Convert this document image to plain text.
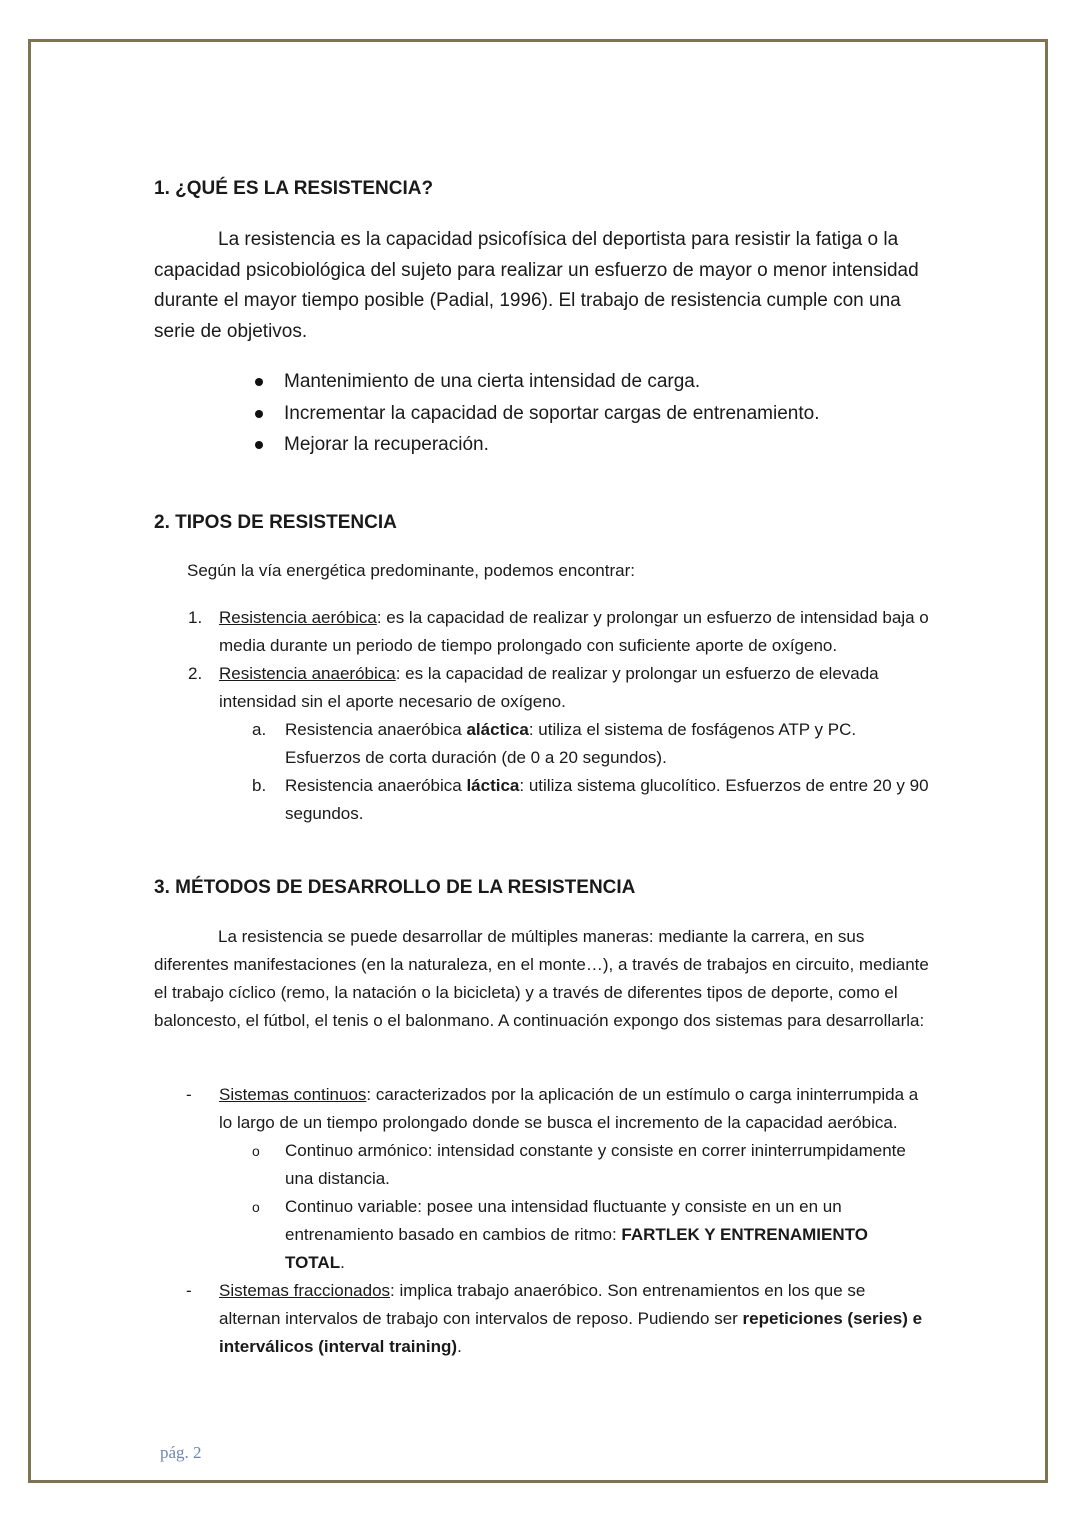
1. ¿QUÉ ES LA RESISTENCIA?

La resistencia es la capacidad psicofísica del deportista para resistir la fatiga o la capacidad psicobiológica del sujeto para realizar un esfuerzo de mayor o menor intensidad durante el mayor tiempo posible (Padial, 1996). El trabajo de resistencia cumple con una serie de objetivos.

Mantenimiento de una cierta intensidad de carga.
Incrementar la capacidad de soportar cargas de entrenamiento.
Mejorar la recuperación.
2. TIPOS DE RESISTENCIA
Según la vía energética predominante, podemos encontrar:
1. Resistencia aeróbica: es la capacidad de realizar y prolongar un esfuerzo de intensidad baja o media durante un periodo de tiempo prolongado con suficiente aporte de oxígeno.
2. Resistencia anaeróbica: es la capacidad de realizar y prolongar un esfuerzo de elevada intensidad sin el aporte necesario de oxígeno.
a. Resistencia anaeróbica aláctica: utiliza el sistema de fosfágenos ATP y PC. Esfuerzos de corta duración (de 0 a 20 segundos).
b. Resistencia anaeróbica láctica: utiliza sistema glucolítico. Esfuerzos de entre 20 y 90 segundos.
3. MÉTODOS DE DESARROLLO DE LA RESISTENCIA

La resistencia se puede desarrollar de múltiples maneras: mediante la carrera, en sus diferentes manifestaciones (en la naturaleza, en el monte…), a través de trabajos en circuito, mediante el trabajo cíclico (remo, la natación o la bicicleta) y a través de diferentes tipos de deporte, como el baloncesto, el fútbol, el tenis o el balonmano. A continuación expongo dos sistemas para desarrollarla:

- Sistemas continuos: caracterizados por la aplicación de un estímulo o carga ininterrumpida a lo largo de un tiempo prolongado donde se busca el incremento de la capacidad aeróbica.
o Continuo armónico: intensidad constante y consiste en correr ininterrumpidamente una distancia.
o Continuo variable: posee una intensidad fluctuante y consiste en un en un entrenamiento basado en cambios de ritmo: FARTLEK Y ENTRENAMIENTO TOTAL.
- Sistemas fraccionados: implica trabajo anaeróbico. Son entrenamientos en los que se alternan intervalos de trabajo con intervalos de reposo. Pudiendo ser repeticiones (series) e interválicos (interval training).
pág. 2
